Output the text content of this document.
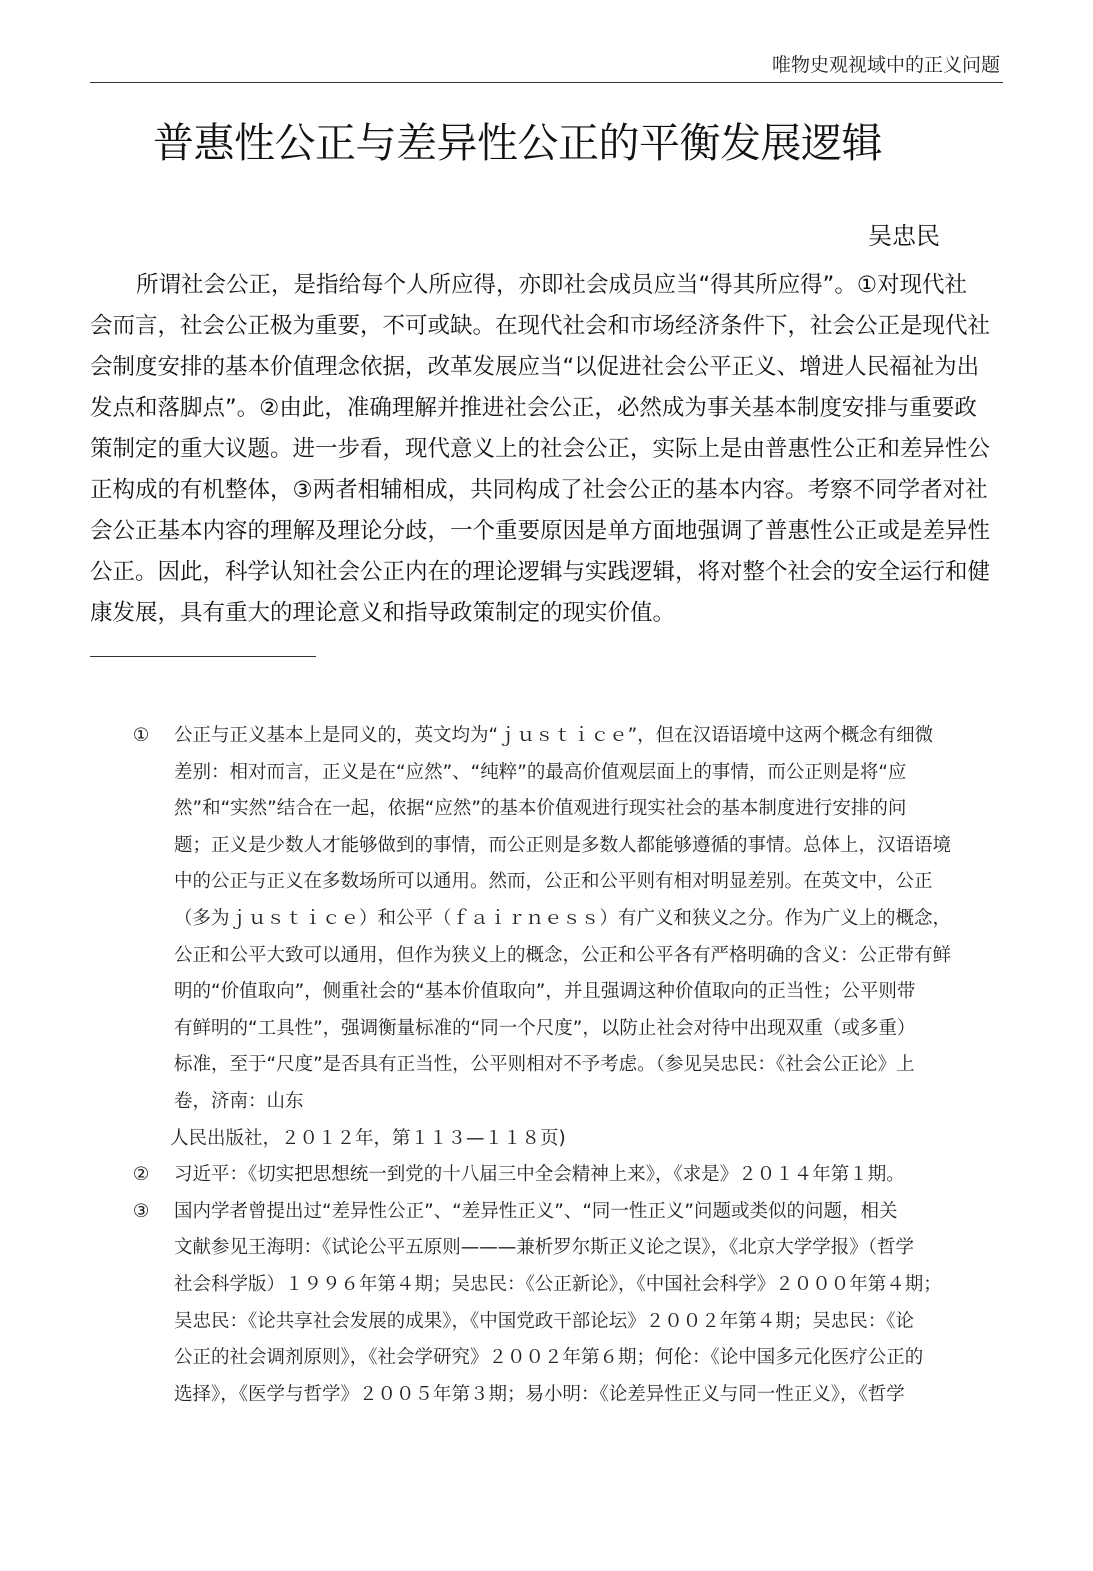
唯物史观视域中的正义问题
普惠性公正与差异性公正的平衡发展逻辑
吴忠民
所谓社会公正，是指给每个人所应得，亦即社会成员应当“得其所应得”。①对现代社
会而言，社会公正极为重要，不可或缺。在现代社会和市场经济条件下，社会公正是现代社
会制度安排的基本价值理念依据，改革发展应当“以促进社会公平正义、增进人民福祉为出
发点和落脚点”。②由此，准确理解并推进社会公正，必然成为事关基本制度安排与重要政
策制定的重大议题。进一步看，现代意义上的社会公正，实际上是由普惠性公正和差异性公
正构成的有机整体，③两者相辅相成，共同构成了社会公正的基本内容。考察不同学者对社
会公正基本内容的理解及理论分歧，一个重要原因是单方面地强调了普惠性公正或是差异性
公正。因此，科学认知社会公正内在的理论逻辑与实践逻辑，将对整个社会的安全运行和健
康发展，具有重大的理论意义和指导政策制定的现实价值。
① 公正与正义基本上是同义的，英文均为“ｊｕｓｔｉｃｅ”，但在汉语语境中这两个概念有细微
差别：相对而言，正义是在“应然”、“纯粹”的最高价值观层面上的事情，而公正则是将“应
然”和“实然”结合在一起，依据“应然”的基本价值观进行现实社会的基本制度进行安排的问
题；正义是少数人才能够做到的事情，而公正则是多数人都能够遵循的事情。总体上，汉语语境
中的公正与正义在多数场所可以通用。然而，公正和公平则有相对明显差别。在英文中，公正
（多为ｊｕｓｔｉｃｅ）和公平（ｆａｉｒｎｅｓｓ）有广义和狭义之分。作为广义上的概念，
公正和公平大致可以通用，但作为狭义上的概念，公正和公平各有严格明确的含义：公正带有鲜
明的“价值取向”，侧重社会的“基本价值取向”，并且强调这种价值取向的正当性；公平则带
有鲜明的“工具性”，强调衡量标准的“同一个尺度”，以防止社会对待中出现双重（或多重）
标准，至于“尺度”是否具有正当性，公平则相对不予考虑。（参见吴忠民：《社会公正论》上
卷，济南：山东
人民出版社，２０１２年，第１１３—１１８页)
② 习近平：《切实把思想统一到党的十八届三中全会精神上来》，《求是》２０１４年第１期。
③ 国内学者曾提出过“差异性公正”、“差异性正义”、“同一性正义”问题或类似的问题，相关
文献参见王海明：《试论公平五原则———兼析罗尔斯正义论之误》，《北京大学学报》（哲学
社会科学版）１９９６年第４期；吴忠民：《公正新论》，《中国社会科学》２０００年第４期；
吴忠民：《论共享社会发展的成果》，《中国党政干部论坛》２００２年第４期；吴忠民：《论
公正的社会调剂原则》，《社会学研究》２００２年第６期；何伦：《论中国多元化医疗公正的
选择》，《医学与哲学》２００５年第３期；易小明：《论差异性正义与同一性正义》，《哲学
